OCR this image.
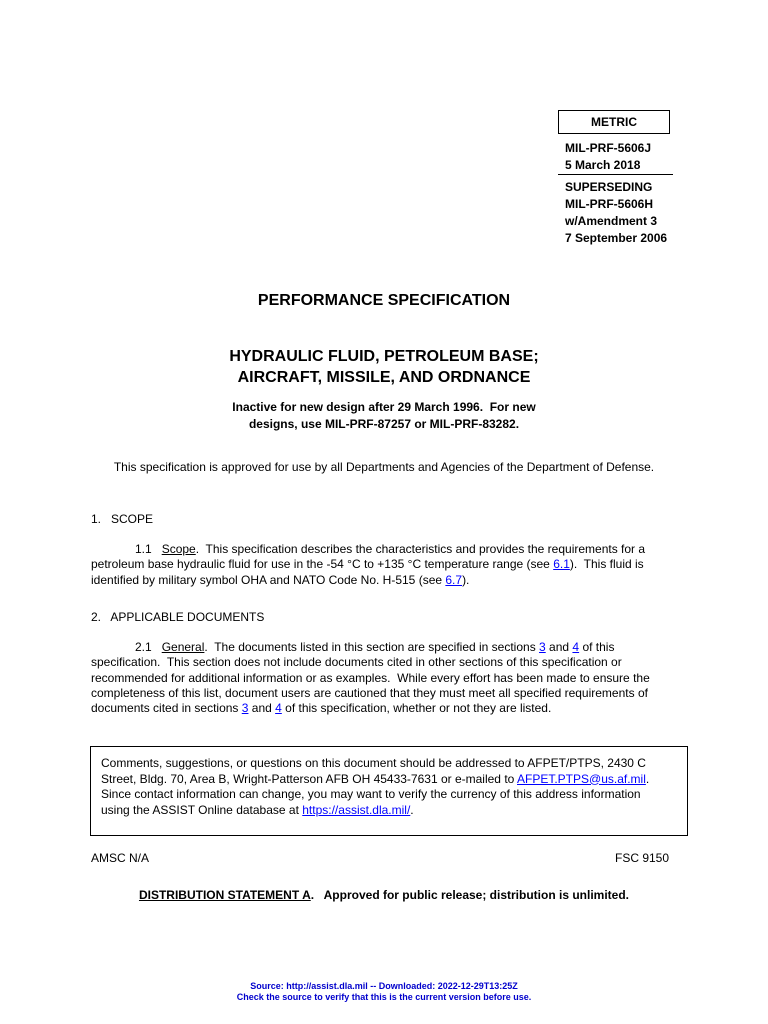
METRIC
MIL-PRF-5606J
5 March 2018
SUPERSEDING
MIL-PRF-5606H
w/Amendment 3
7 September 2006
PERFORMANCE SPECIFICATION
HYDRAULIC FLUID, PETROLEUM BASE;
AIRCRAFT, MISSILE, AND ORDNANCE
Inactive for new design after 29 March 1996.  For new
designs, use MIL-PRF-87257 or MIL-PRF-83282.
This specification is approved for use by all Departments and Agencies of the Department of Defense.
1.   SCOPE
1.1 Scope.  This specification describes the characteristics and provides the requirements for a petroleum base hydraulic fluid for use in the -54 °C to +135 °C temperature range (see 6.1).  This fluid is identified by military symbol OHA and NATO Code No. H-515 (see 6.7).
2.   APPLICABLE DOCUMENTS
2.1 General.  The documents listed in this section are specified in sections 3 and 4 of this specification.  This section does not include documents cited in other sections of this specification or recommended for additional information or as examples.  While every effort has been made to ensure the completeness of this list, document users are cautioned that they must meet all specified requirements of documents cited in sections 3 and 4 of this specification, whether or not they are listed.
Comments, suggestions, or questions on this document should be addressed to AFPET/PTPS, 2430 C
Street, Bldg. 70, Area B, Wright-Patterson AFB OH 45433-7631 or e-mailed to AFPET.PTPS@us.af.mil.
Since contact information can change, you may want to verify the currency of this address information
using the ASSIST Online database at https://assist.dla.mil/.
AMSC N/A	FSC 9150
DISTRIBUTION STATEMENT A.   Approved for public release; distribution is unlimited.
Source: http://assist.dla.mil -- Downloaded: 2022-12-29T13:25Z
Check the source to verify that this is the current version before use.
